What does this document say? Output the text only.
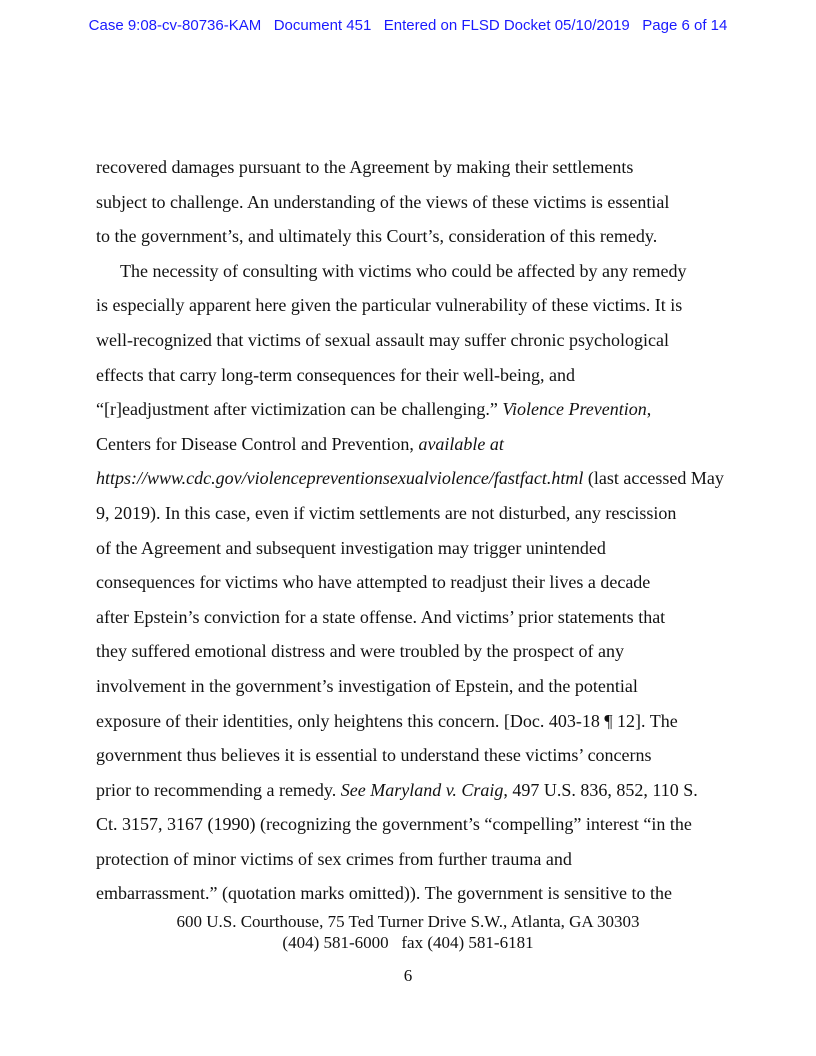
Case 9:08-cv-80736-KAM   Document 451   Entered on FLSD Docket 05/10/2019   Page 6 of 14
recovered damages pursuant to the Agreement by making their settlements
subject to challenge. An understanding of the views of these victims is essential
to the government’s, and ultimately this Court’s, consideration of this remedy.
The necessity of consulting with victims who could be affected by any remedy
is especially apparent here given the particular vulnerability of these victims. It is
well-recognized that victims of sexual assault may suffer chronic psychological
effects that carry long-term consequences for their well-being, and
“[r]eadjustment after victimization can be challenging.” Violence Prevention,
Centers for Disease Control and Prevention, available at
https://www.cdc.gov/violencepreventionsexualviolence/fastfact.html (last accessed May
9, 2019). In this case, even if victim settlements are not disturbed, any rescission
of the Agreement and subsequent investigation may trigger unintended
consequences for victims who have attempted to readjust their lives a decade
after Epstein’s conviction for a state offense. And victims’ prior statements that
they suffered emotional distress and were troubled by the prospect of any
involvement in the government’s investigation of Epstein, and the potential
exposure of their identities, only heightens this concern. [Doc. 403-18 ¶ 12]. The
government thus believes it is essential to understand these victims’ concerns
prior to recommending a remedy. See Maryland v. Craig, 497 U.S. 836, 852, 110 S.
Ct. 3157, 3167 (1990) (recognizing the government’s “compelling” interest “in the
protection of minor victims of sex crimes from further trauma and
embarrassment.” (quotation marks omitted)). The government is sensitive to the
600 U.S. Courthouse, 75 Ted Turner Drive S.W., Atlanta, GA 30303
(404) 581-6000   fax (404) 581-6181
6
